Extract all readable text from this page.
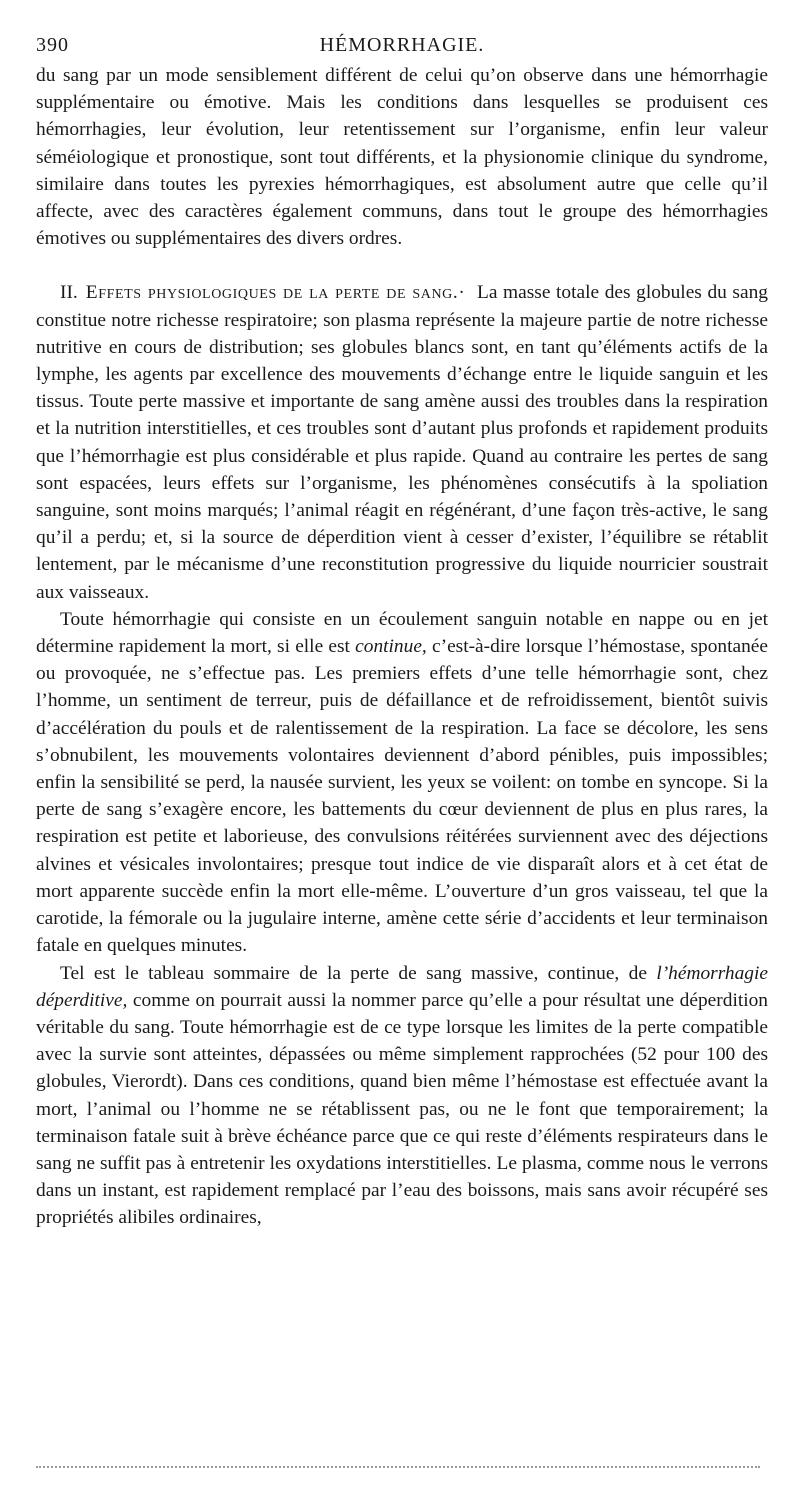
390	HÉMORRHAGIE.

du sang par un mode sensiblement différent de celui qu’on observe dans une hémorrhagie supplémentaire ou émotive. Mais les conditions dans lesquelles se produisent ces hémorrhagies, leur évolution, leur retentissement sur l’organisme, enfin leur valeur séméiologique et pronostique, sont tout différents, et la physionomie clinique du syndrome, similaire dans toutes les pyrexies hémorrhagiques, est absolument autre que celle qu’il affecte, avec des caractères également communs, dans tout le groupe des hémorrhagies émotives ou supplémentaires des divers ordres.

II. Effets physiologiques de la perte de sang.· La masse totale des globules du sang constitue notre richesse respiratoire; son plasma représente la majeure partie de notre richesse nutritive en cours de distribution; ses globules blancs sont, en tant qu’éléments actifs de la lymphe, les agents par excellence des mouvements d’échange entre le liquide sanguin et les tissus. Toute perte massive et importante de sang amène aussi des troubles dans la respiration et la nutrition interstitielles, et ces troubles sont d’autant plus profonds et rapidement produits que l’hémorrhagie est plus considérable et plus rapide. Quand au contraire les pertes de sang sont espacées, leurs effets sur l’organisme, les phénomènes consécutifs à la spoliation sanguine, sont moins marqués; l’animal réagit en régénérant, d’une façon très-active, le sang qu’il a perdu; et, si la source de déperdition vient à cesser d’exister, l’équilibre se rétablit lentement, par le mécanisme d’une reconstitution progressive du liquide nourricier soustrait aux vaisseaux.

Toute hémorrhagie qui consiste en un écoulement sanguin notable en nappe ou en jet détermine rapidement la mort, si elle est continue, c’est-à-dire lorsque l’hémostase, spontanée ou provoquée, ne s’effectue pas. Les premiers effets d’une telle hémorrhagie sont, chez l’homme, un sentiment de terreur, puis de défaillance et de refroidissement, bientôt suivis d’accélération du pouls et de ralentissement de la respiration. La face se décolore, les sens s’obnubilent, les mouvements volontaires deviennent d’abord pénibles, puis impossibles; enfin la sensibilité se perd, la nausée survient, les yeux se voilent: on tombe en syncope. Si la perte de sang s’exagère encore, les battements du cœur deviennent de plus en plus rares, la respiration est petite et laborieuse, des convulsions réitérées surviennent avec des déjections alvines et vésicales involontaires; presque tout indice de vie disparaît alors et à cet état de mort apparente succède enfin la mort elle-même. L’ouverture d’un gros vaisseau, tel que la carotide, la fémorale ou la jugulaire interne, amène cette série d’accidents et leur terminaison fatale en quelques minutes.

Tel est le tableau sommaire de la perte de sang massive, continue, de l’hémorrhagie déperditive, comme on pourrait aussi la nommer parce qu’elle a pour résultat une déperdition véritable du sang. Toute hémorrhagie est de ce type lorsque les limites de la perte compatible avec la survie sont atteintes, dépassées ou même simplement rapprochées (52 pour 100 des globules, Vierordt). Dans ces conditions, quand bien même l’hémostase est effectuée avant la mort, l’animal ou l’homme ne se rétablissent pas, ou ne le font que temporairement; la terminaison fatale suit à brève échéance parce que ce qui reste d’éléments respirateurs dans le sang ne suffit pas à entretenir les oxydations interstitielles. Le plasma, comme nous le verrons dans un instant, est rapidement remplacé par l’eau des boissons, mais sans avoir récupéré ses propriétés alibiles ordinaires,
